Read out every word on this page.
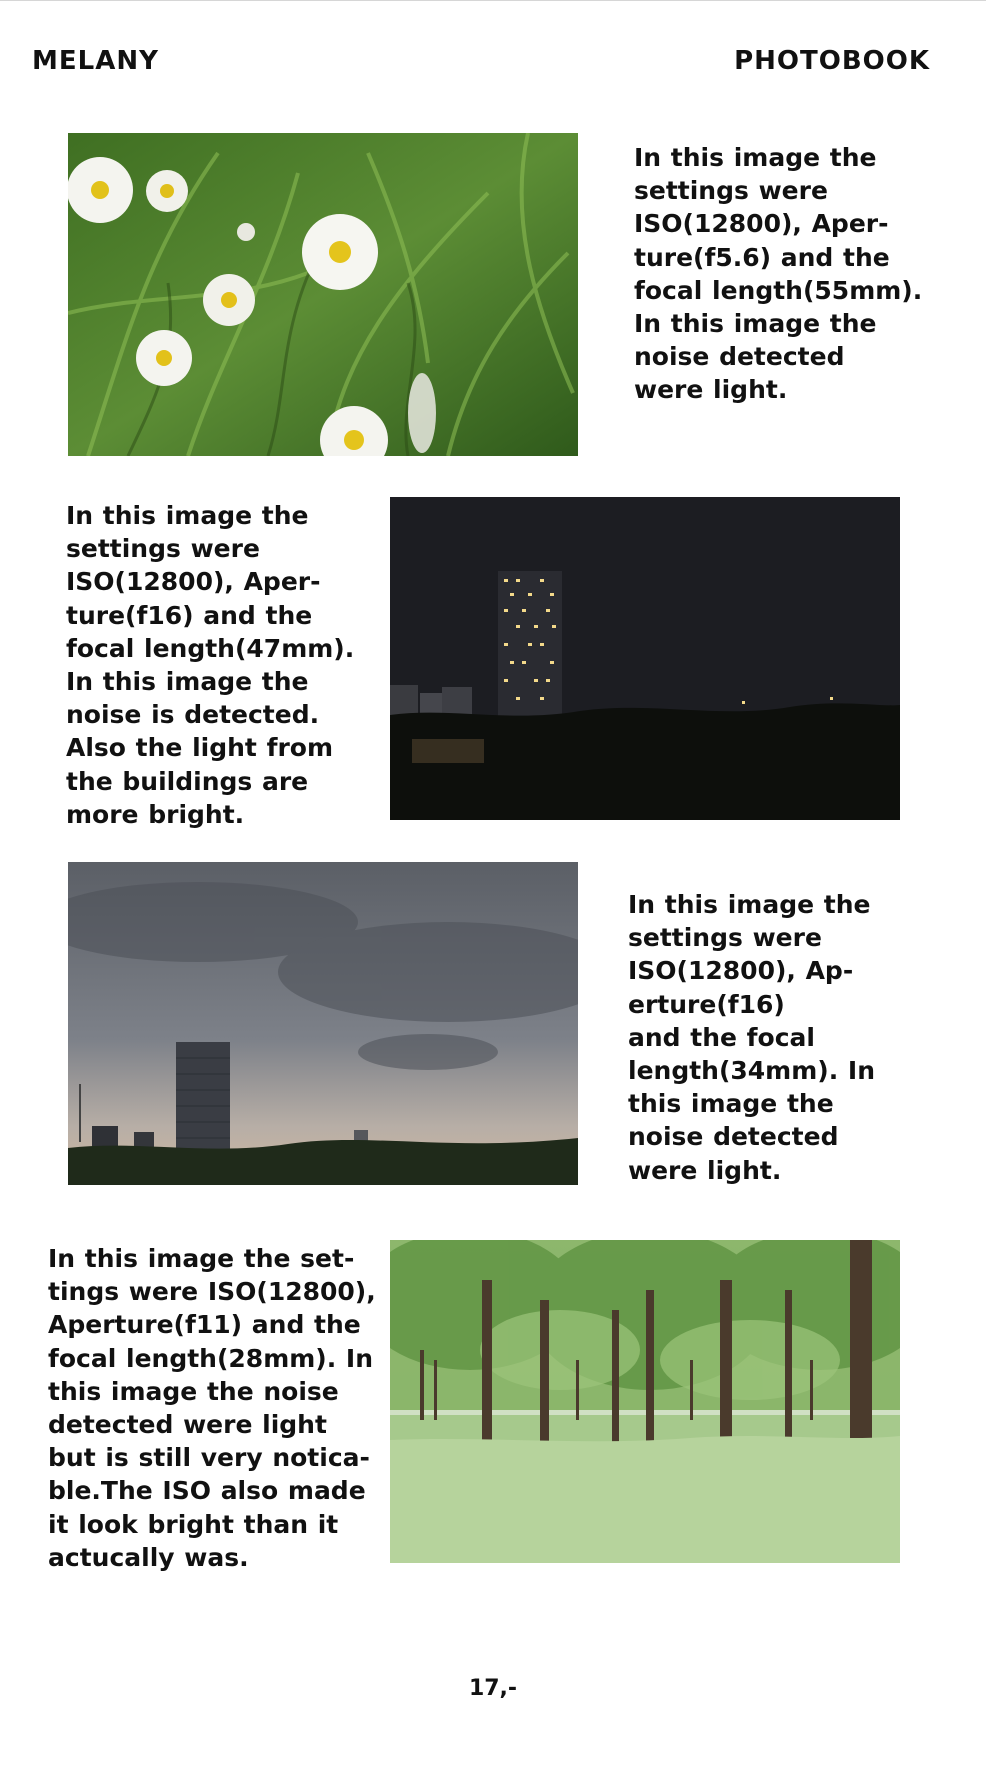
MELANY	PHOTOBOOK
In this image the
settings were
ISO(12800), Aper-
ture(f5.6) and the
focal length(55mm).
In this image the
noise detected
were light.
In this image the
settings were
ISO(12800), Aper-
ture(f16) and the
focal length(47mm).
In this image the
noise is detected.
Also the light from
the buildings are
more bright.
In this image the
settings were
ISO(12800), Ap-
erture(f16)
and the focal
length(34mm). In
this image the
noise detected
were light.
In this image the set-
tings were ISO(12800),
Aperture(f11) and the
focal length(28mm). In
this image the noise
detected were light
but is still very notica-
ble.The ISO also made
it look bright than it
actucally was.
17,-
